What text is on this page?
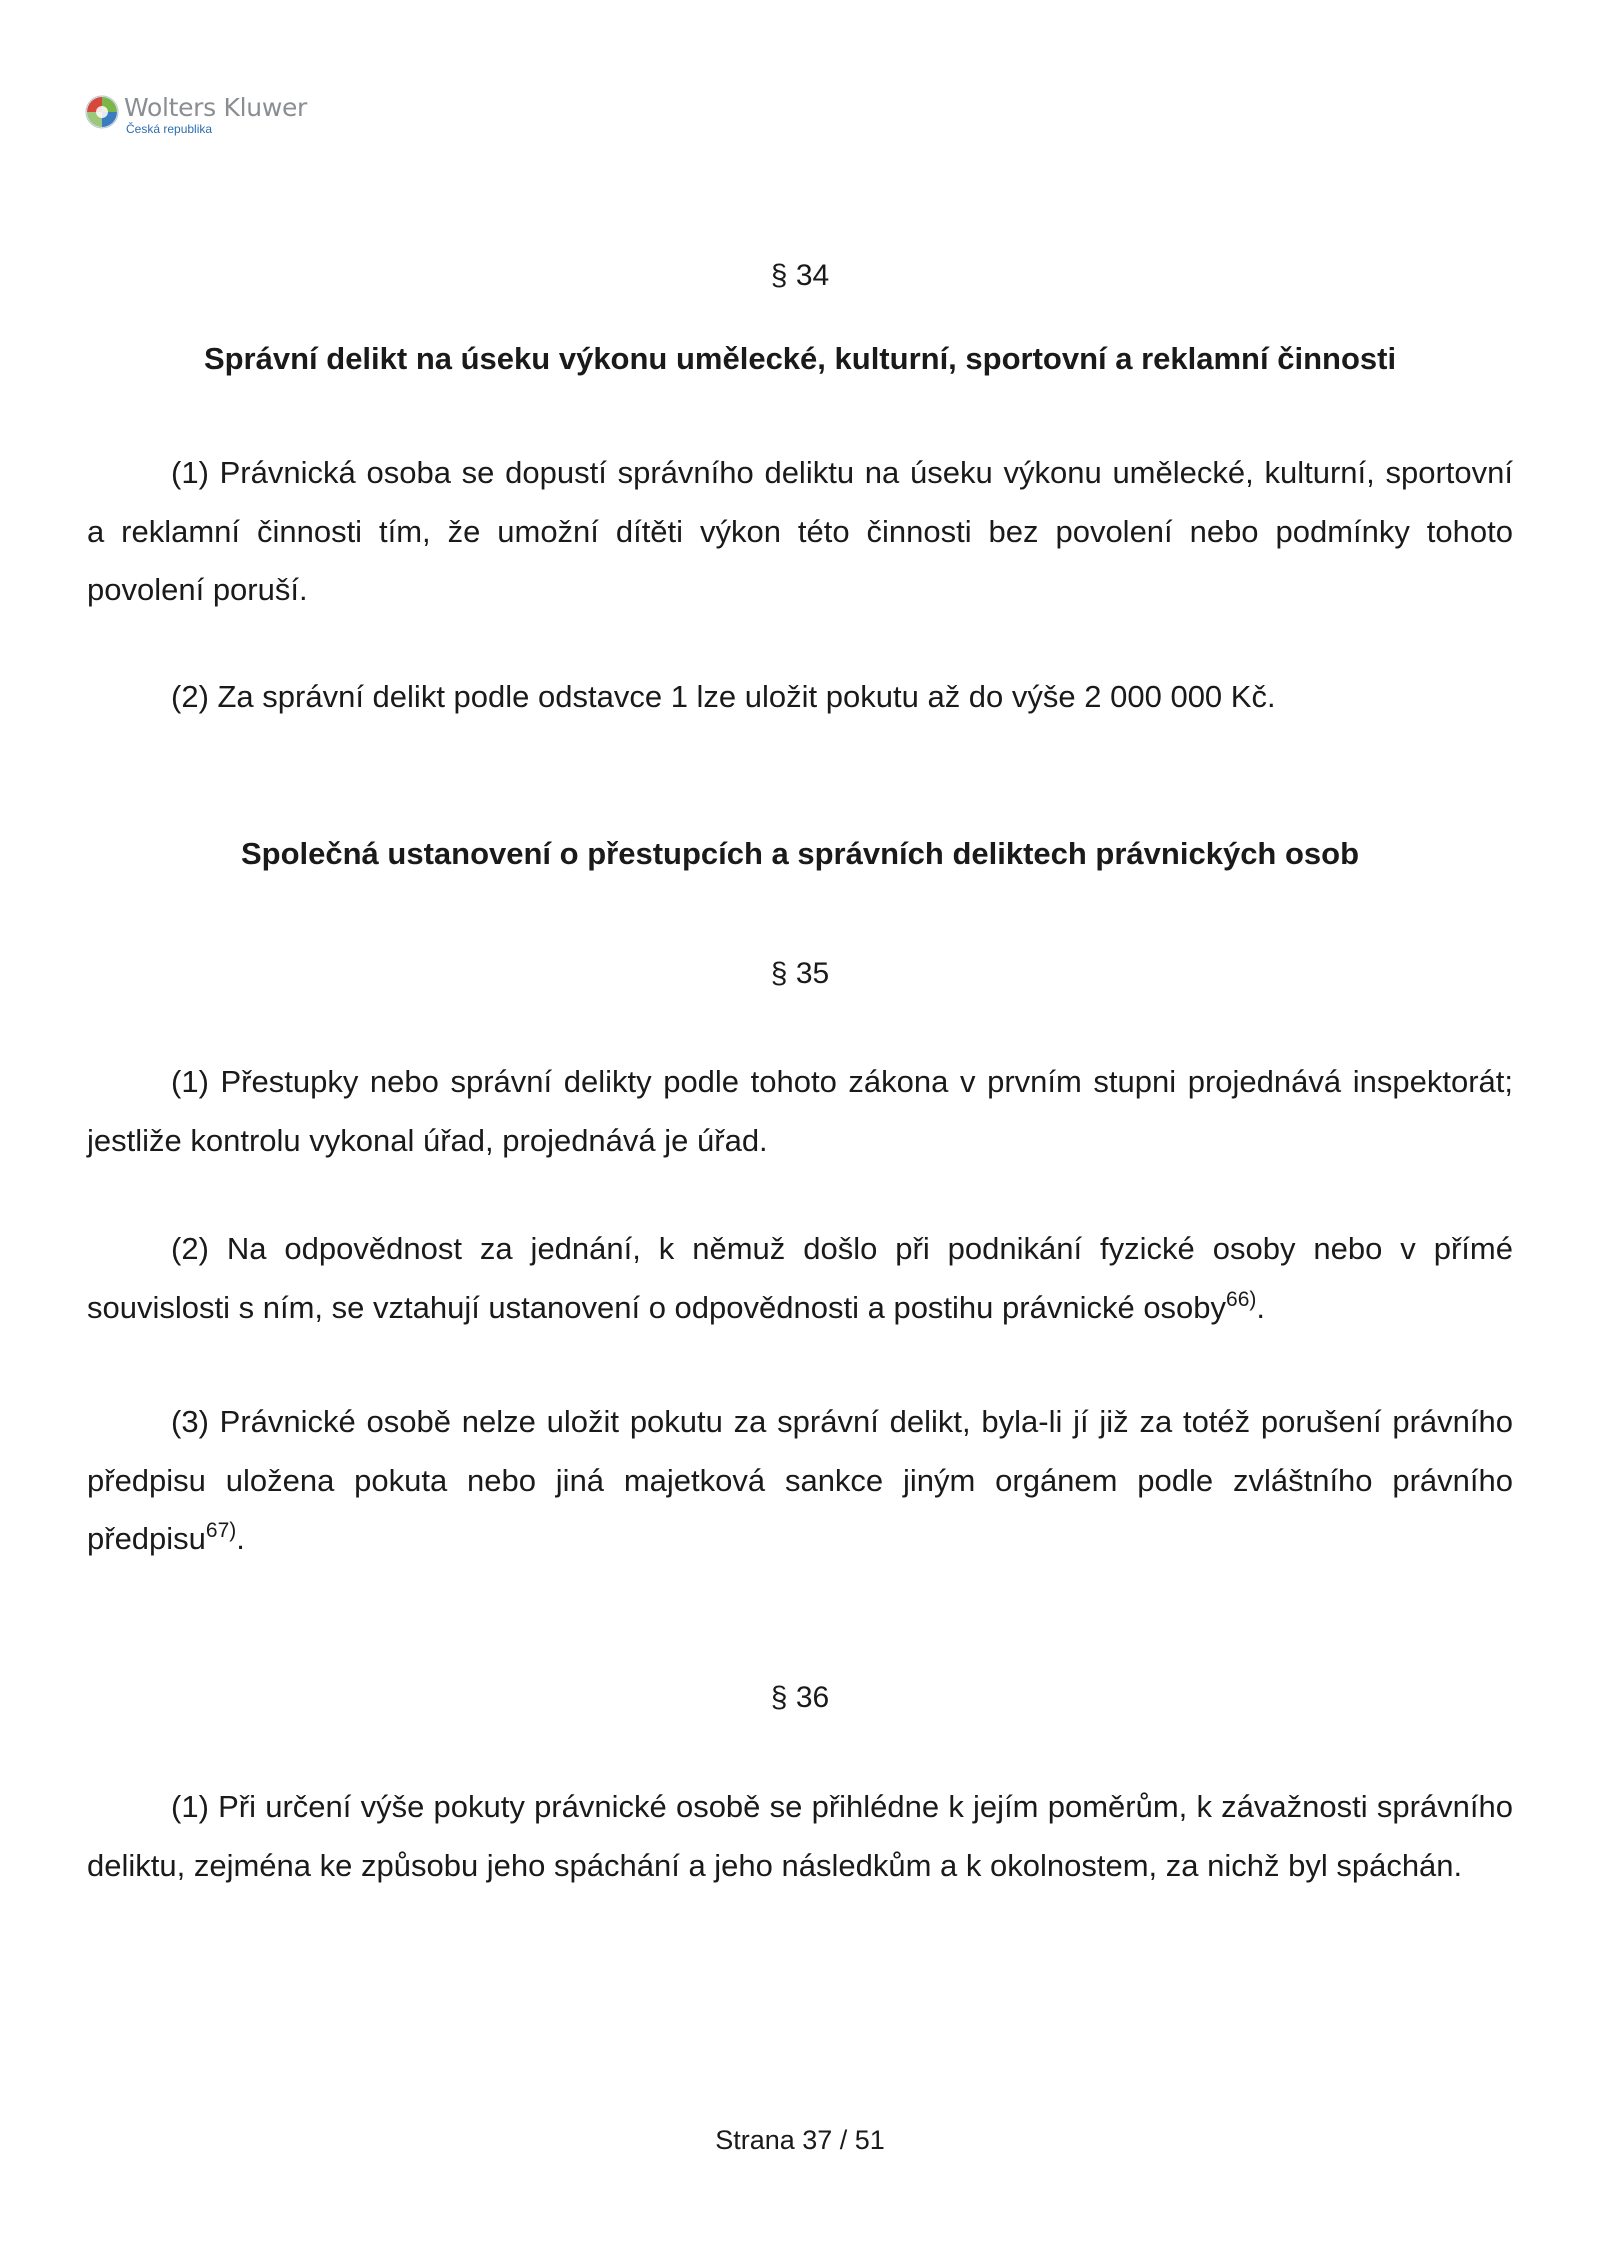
Wolters Kluwer
Česká republika
§ 34
Správní delikt na úseku výkonu umělecké, kulturní, sportovní a reklamní činnosti

(1) Právnická osoba se dopustí správního deliktu na úseku výkonu umělecké, kulturní, sportovní a reklamní činnosti tím, že umožní dítěti výkon této činnosti bez povolení nebo podmínky tohoto povolení poruší.

(2) Za správní delikt podle odstavce 1 lze uložit pokutu až do výše 2 000 000 Kč.

Společná ustanovení o přestupcích a správních deliktech právnických osob
§ 35

(1) Přestupky nebo správní delikty podle tohoto zákona v prvním stupni projednává inspektorát; jestliže kontrolu vykonal úřad, projednává je úřad.

(2) Na odpovědnost za jednání, k němuž došlo při podnikání fyzické osoby nebo v přímé souvislosti s ním, se vztahují ustanovení o odpovědnosti a postihu právnické osoby$^{66)}$.

(3) Právnické osobě nelze uložit pokutu za správní delikt, byla-li jí již za totéž porušení právního předpisu uložena pokuta nebo jiná majetková sankce jiným orgánem podle zvláštního právního předpisu$^{67)}$.

§ 36

(1) Při určení výše pokuty právnické osobě se přihlédne k jejím poměrům, k závažnosti správního deliktu, zejména ke způsobu jeho spáchání a jeho následkům a k okolnostem, za nichž byl spáchán.

Strana 37 / 51
